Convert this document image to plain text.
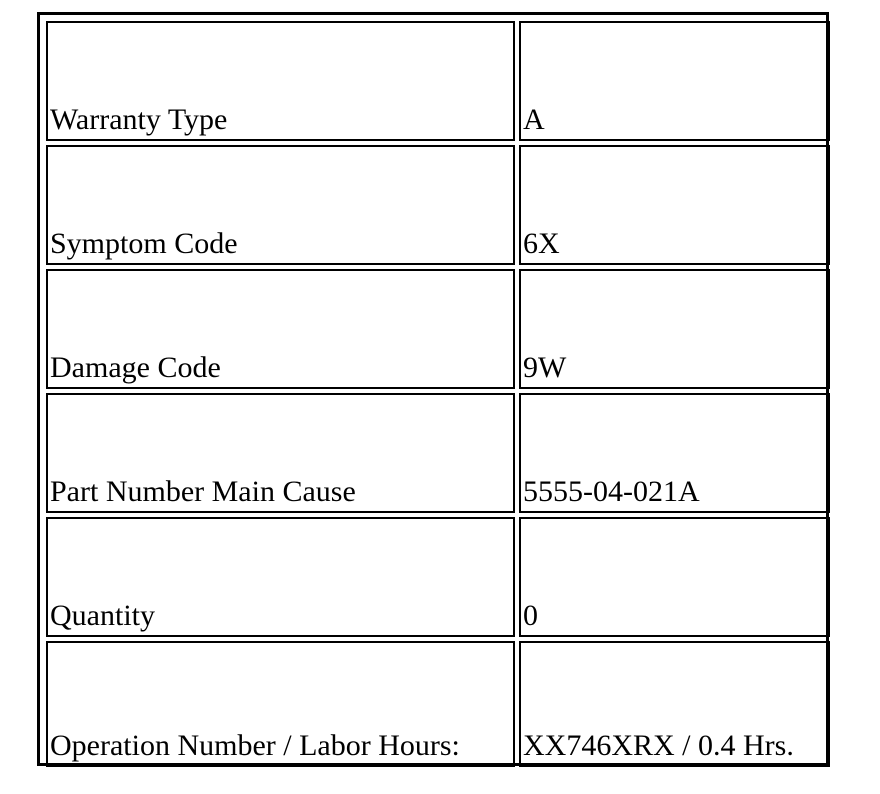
Warranty Type	A
Symptom Code	6X
Damage Code	9W
Part Number Main Cause	5555-04-021A
Quantity	0
Operation Number / Labor Hours:	XX746XRX / 0.4 Hrs.
